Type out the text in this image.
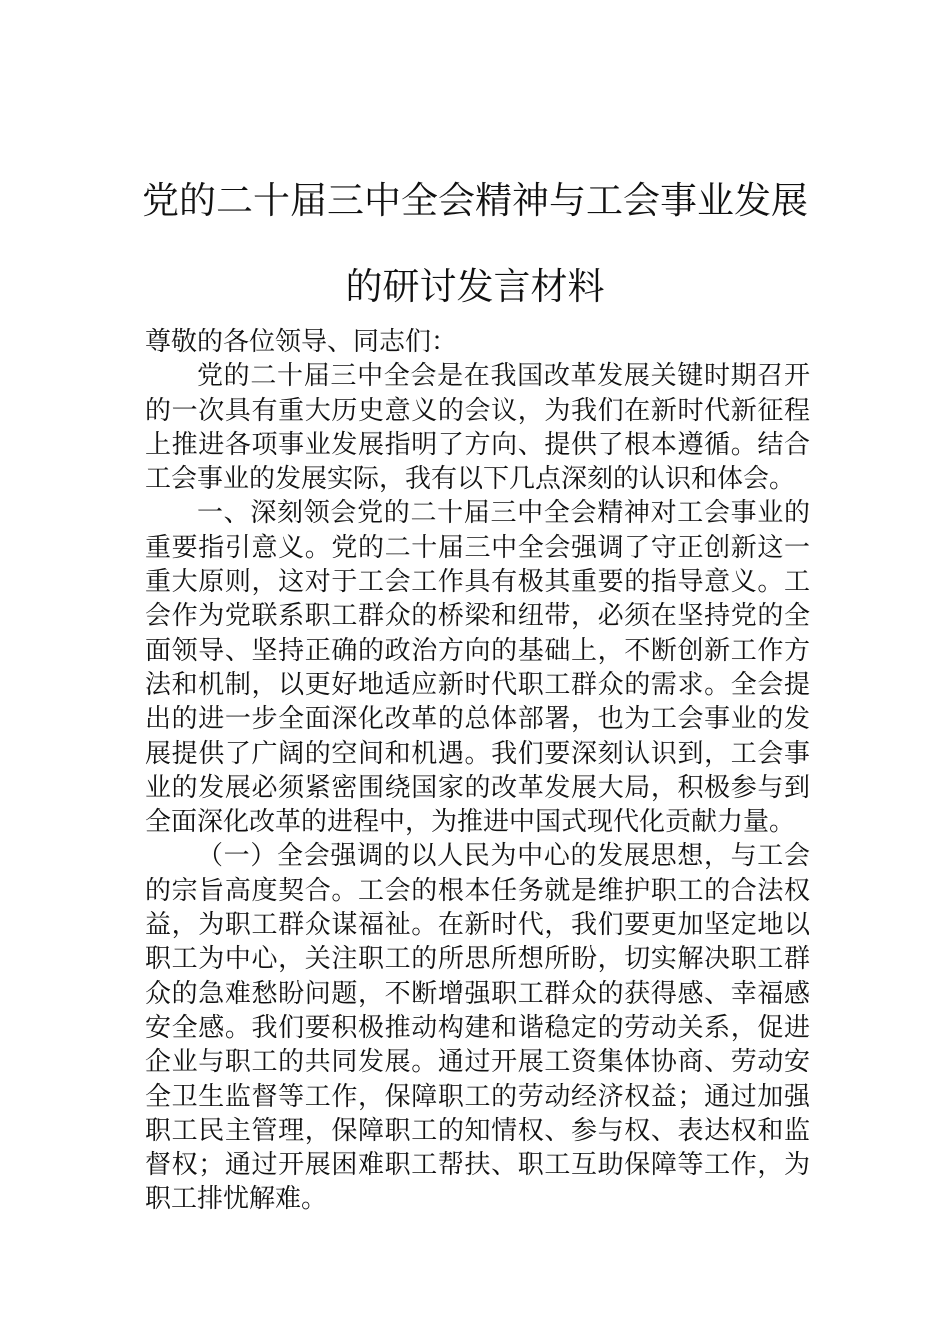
党的二十届三中全会精神与工会事业发展
的研讨发言材料

尊敬的各位领导、同志们：

党的二十届三中全会是在我国改革发展关键时期召开的一次具有重大历史意义的会议，为我们在新时代新征程上推进各项事业发展指明了方向、提供了根本遵循。结合工会事业的发展实际，我有以下几点深刻的认识和体会。

一、深刻领会党的二十届三中全会精神对工会事业的重要指引意义。党的二十届三中全会强调了守正创新这一重大原则，这对于工会工作具有极其重要的指导意义。工会作为党联系职工群众的桥梁和纽带，必须在坚持党的全面领导、坚持正确的政治方向的基础上，不断创新工作方法和机制，以更好地适应新时代职工群众的需求。全会提出的进一步全面深化改革的总体部署，也为工会事业的发展提供了广阔的空间和机遇。我们要深刻认识到，工会事业的发展必须紧密围绕国家的改革发展大局，积极参与到全面深化改革的进程中，为推进中国式现代化贡献力量。

（一）全会强调的以人民为中心的发展思想，与工会的宗旨高度契合。工会的根本任务就是维护职工的合法权益，为职工群众谋福祉。在新时代，我们要更加坚定地以职工为中心，关注职工的所思所想所盼，切实解决职工群众的急难愁盼问题，不断增强职工群众的获得感、幸福感安全感。我们要积极推动构建和谐稳定的劳动关系，促进企业与职工的共同发展。通过开展工资集体协商、劳动安全卫生监督等工作，保障职工的劳动经济权益；通过加强职工民主管理，保障职工的知情权、参与权、表达权和监督权；通过开展困难职工帮扶、职工互助保障等工作，为职工排忧解难。
